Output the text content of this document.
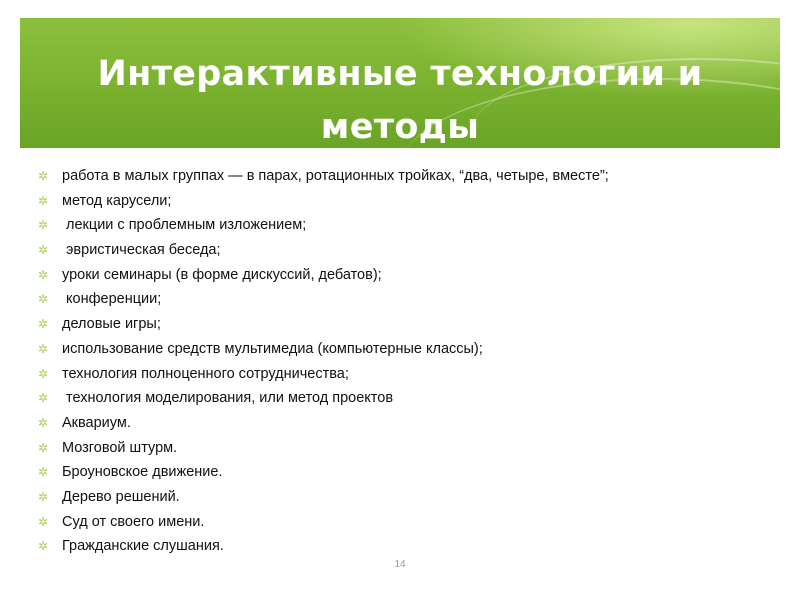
Интерактивные технологии и
методы
✲ работа в малых группах — в парах, ротационных тройках, “два, четыре, вместе”;
✲ метод карусели;
✲ лекции с проблемным изложением;
✲ эвристическая беседа;
✲ уроки семинары (в форме дискуссий, дебатов);
✲ конференции;
✲ деловые игры;
✲ использование средств мультимедиа (компьютерные классы);
✲ технология полноценного сотрудничества;
✲ технология моделирования, или метод проектов
✲ Аквариум.
✲ Мозговой штурм.
✲ Броуновское движение.
✲ Дерево решений.
✲ Суд от своего имени.
✲ Гражданские слушания.
14
